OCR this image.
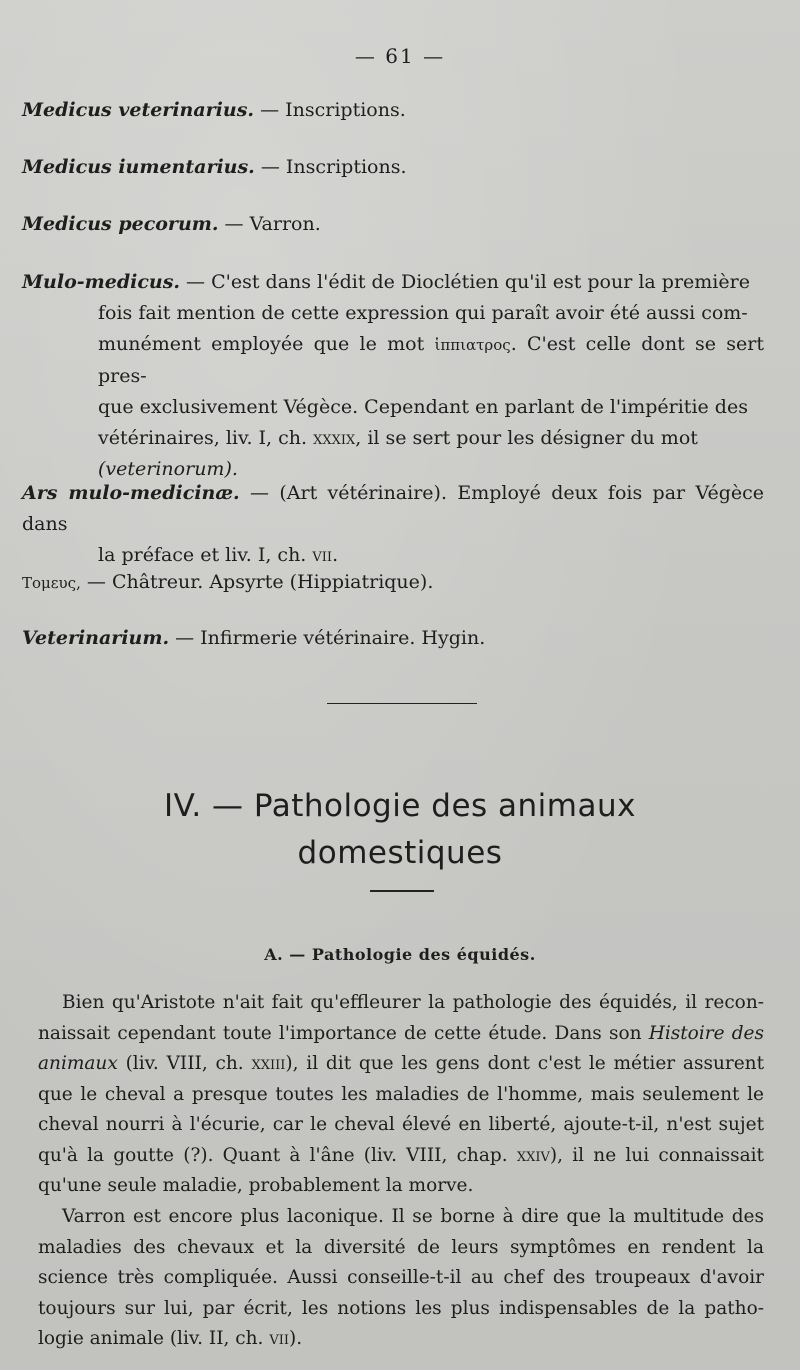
— 61 —
Medicus veterinarius. — Inscriptions.
Medicus iumentarius. — Inscriptions.
Medicus pecorum. — Varron.
Mulo-medicus. — C'est dans l'édit de Dioclétien qu'il est pour la première
fois fait mention de cette expression qui paraît avoir été aussi com-
munément employée que le mot ἱππιατρος. C'est celle dont se sert pres-
que exclusivement Végèce. Cependant en parlant de l'impéritie des
vétérinaires, liv. I, ch. xxxix, il se sert pour les désigner du mot
(veterinorum).
Ars mulo-medicinæ. — (Art vétérinaire). Employé deux fois par Végèce dans
la préface et liv. I, ch. vii.
Τομευς, — Châtreur. Apsyrte (Hippiatrique).
Veterinarium. — Infirmerie vétérinaire. Hygin.
IV. — Pathologie des animaux
domestiques
A. — Pathologie des équidés.
Bien qu'Aristote n'ait fait qu'effleurer la pathologie des équidés, il reconnaissait cependant toute l'importance de cette étude. Dans son Histoire des animaux (liv. VIII, ch. xxiii), il dit que les gens dont c'est le métier assurent que le cheval a presque toutes les maladies de l'homme, mais seulement le cheval nourri à l'écurie, car le cheval élevé en liberté, ajoute-t-il, n'est sujet qu'à la goutte (?). Quant à l'âne (liv. VIII, chap. xxiv), il ne lui connaissait qu'une seule maladie, probablement la morve.
Varron est encore plus laconique. Il se borne à dire que la multitude des maladies des chevaux et la diversité de leurs symptômes en rendent la science très compliquée. Aussi conseille-t-il au chef des troupeaux d'avoir toujours sur lui, par écrit, les notions les plus indispensables de la pathologie animale (liv. II, ch. vii).
